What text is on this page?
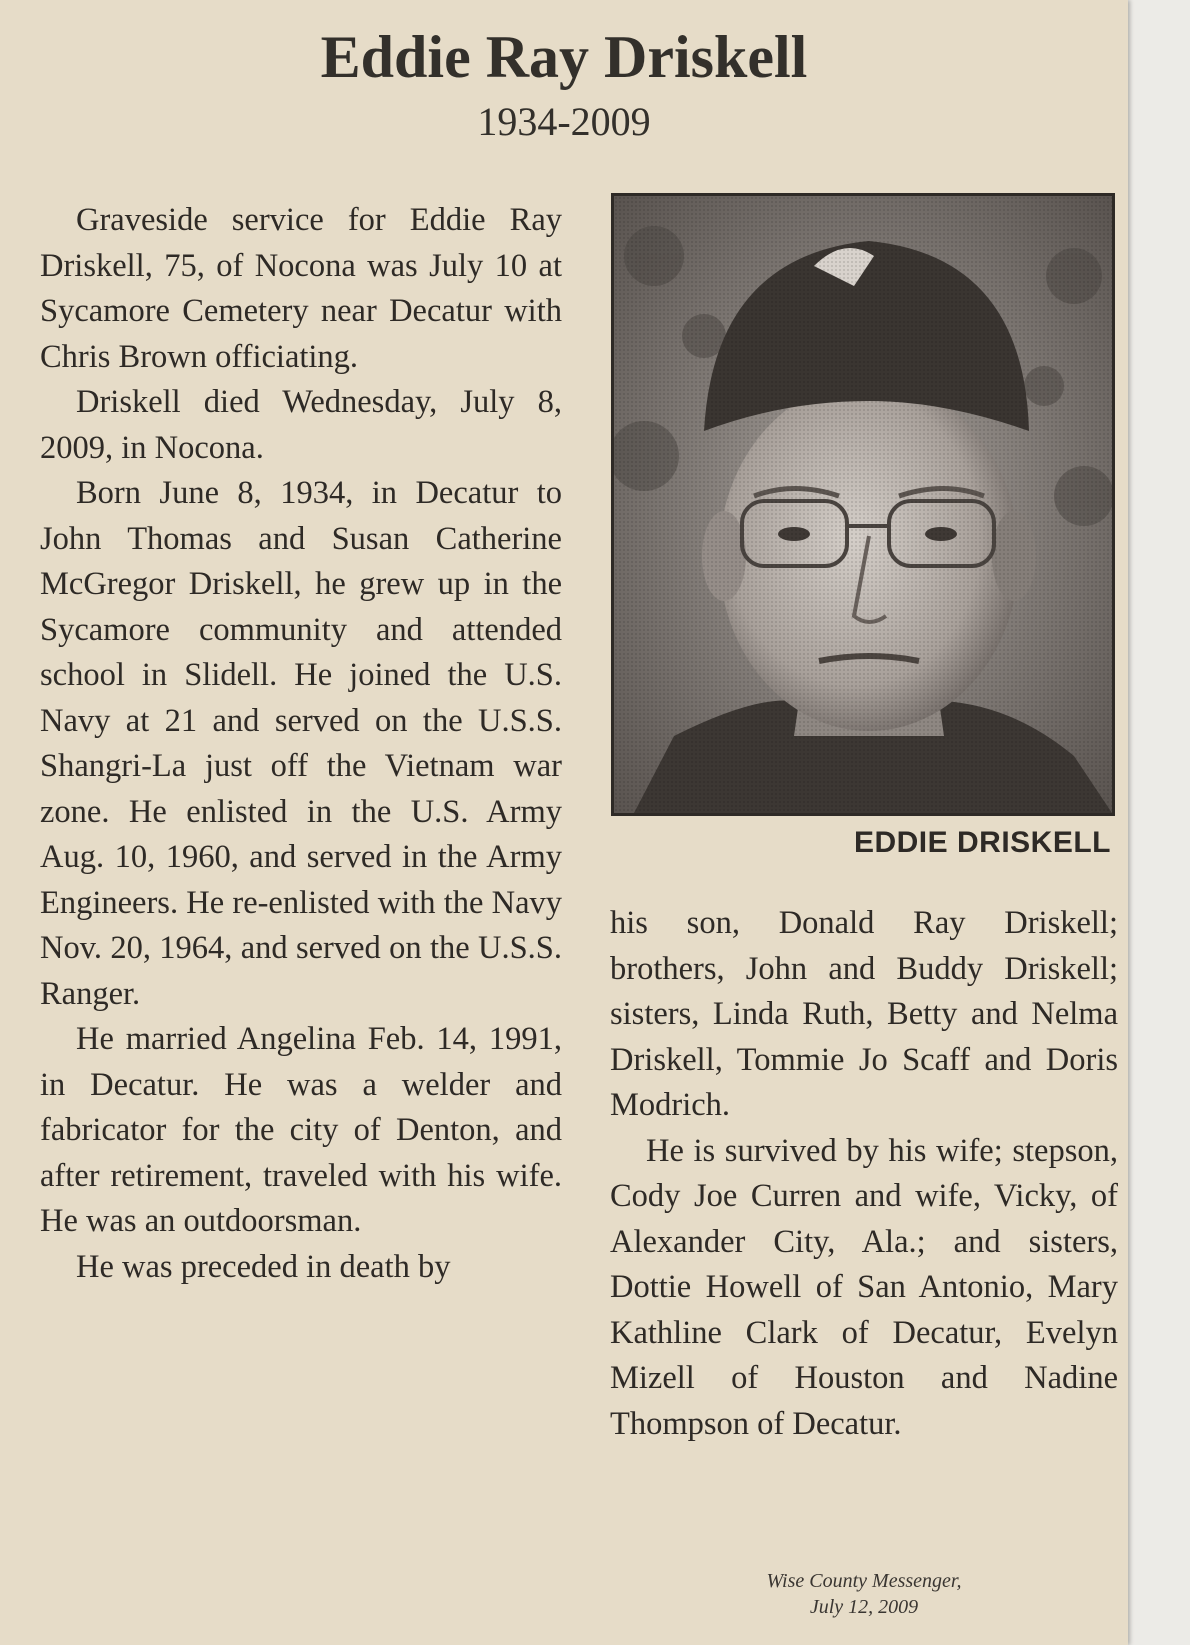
Eddie Ray Driskell
1934-2009

Graveside service for Eddie Ray Driskell, 75, of Nocona was July 10 at Sycamore Cemetery near Decatur with Chris Brown officiating.

Driskell died Wednesday, July 8, 2009, in Nocona.

Born June 8, 1934, in Decatur to John Thomas and Susan Catherine McGregor Driskell, he grew up in the Sycamore community and attended school in Slidell. He joined the U.S. Navy at 21 and served on the U.S.S. Shangri-La just off the Vietnam war zone. He enlisted in the U.S. Army Aug. 10, 1960, and served in the Army Engineers. He re-enlisted with the Navy Nov. 20, 1964, and served on the U.S.S. Ranger.

He married Angelina Feb. 14, 1991, in Decatur. He was a welder and fabricator for the city of Denton, and after retirement, traveled with his wife. He was an outdoorsman.

He was preceded in death by

EDDIE DRISKELL

his son, Donald Ray Driskell; brothers, John and Buddy Driskell; sisters, Linda Ruth, Betty and Nelma Driskell, Tommie Jo Scaff and Doris Modrich.

He is survived by his wife; stepson, Cody Joe Curren and wife, Vicky, of Alexander City, Ala.; and sisters, Dottie Howell of San Antonio, Mary Kathline Clark of Decatur, Evelyn Mizell of Houston and Nadine Thompson of Decatur.

Wise County Messenger,
July 12, 2009
